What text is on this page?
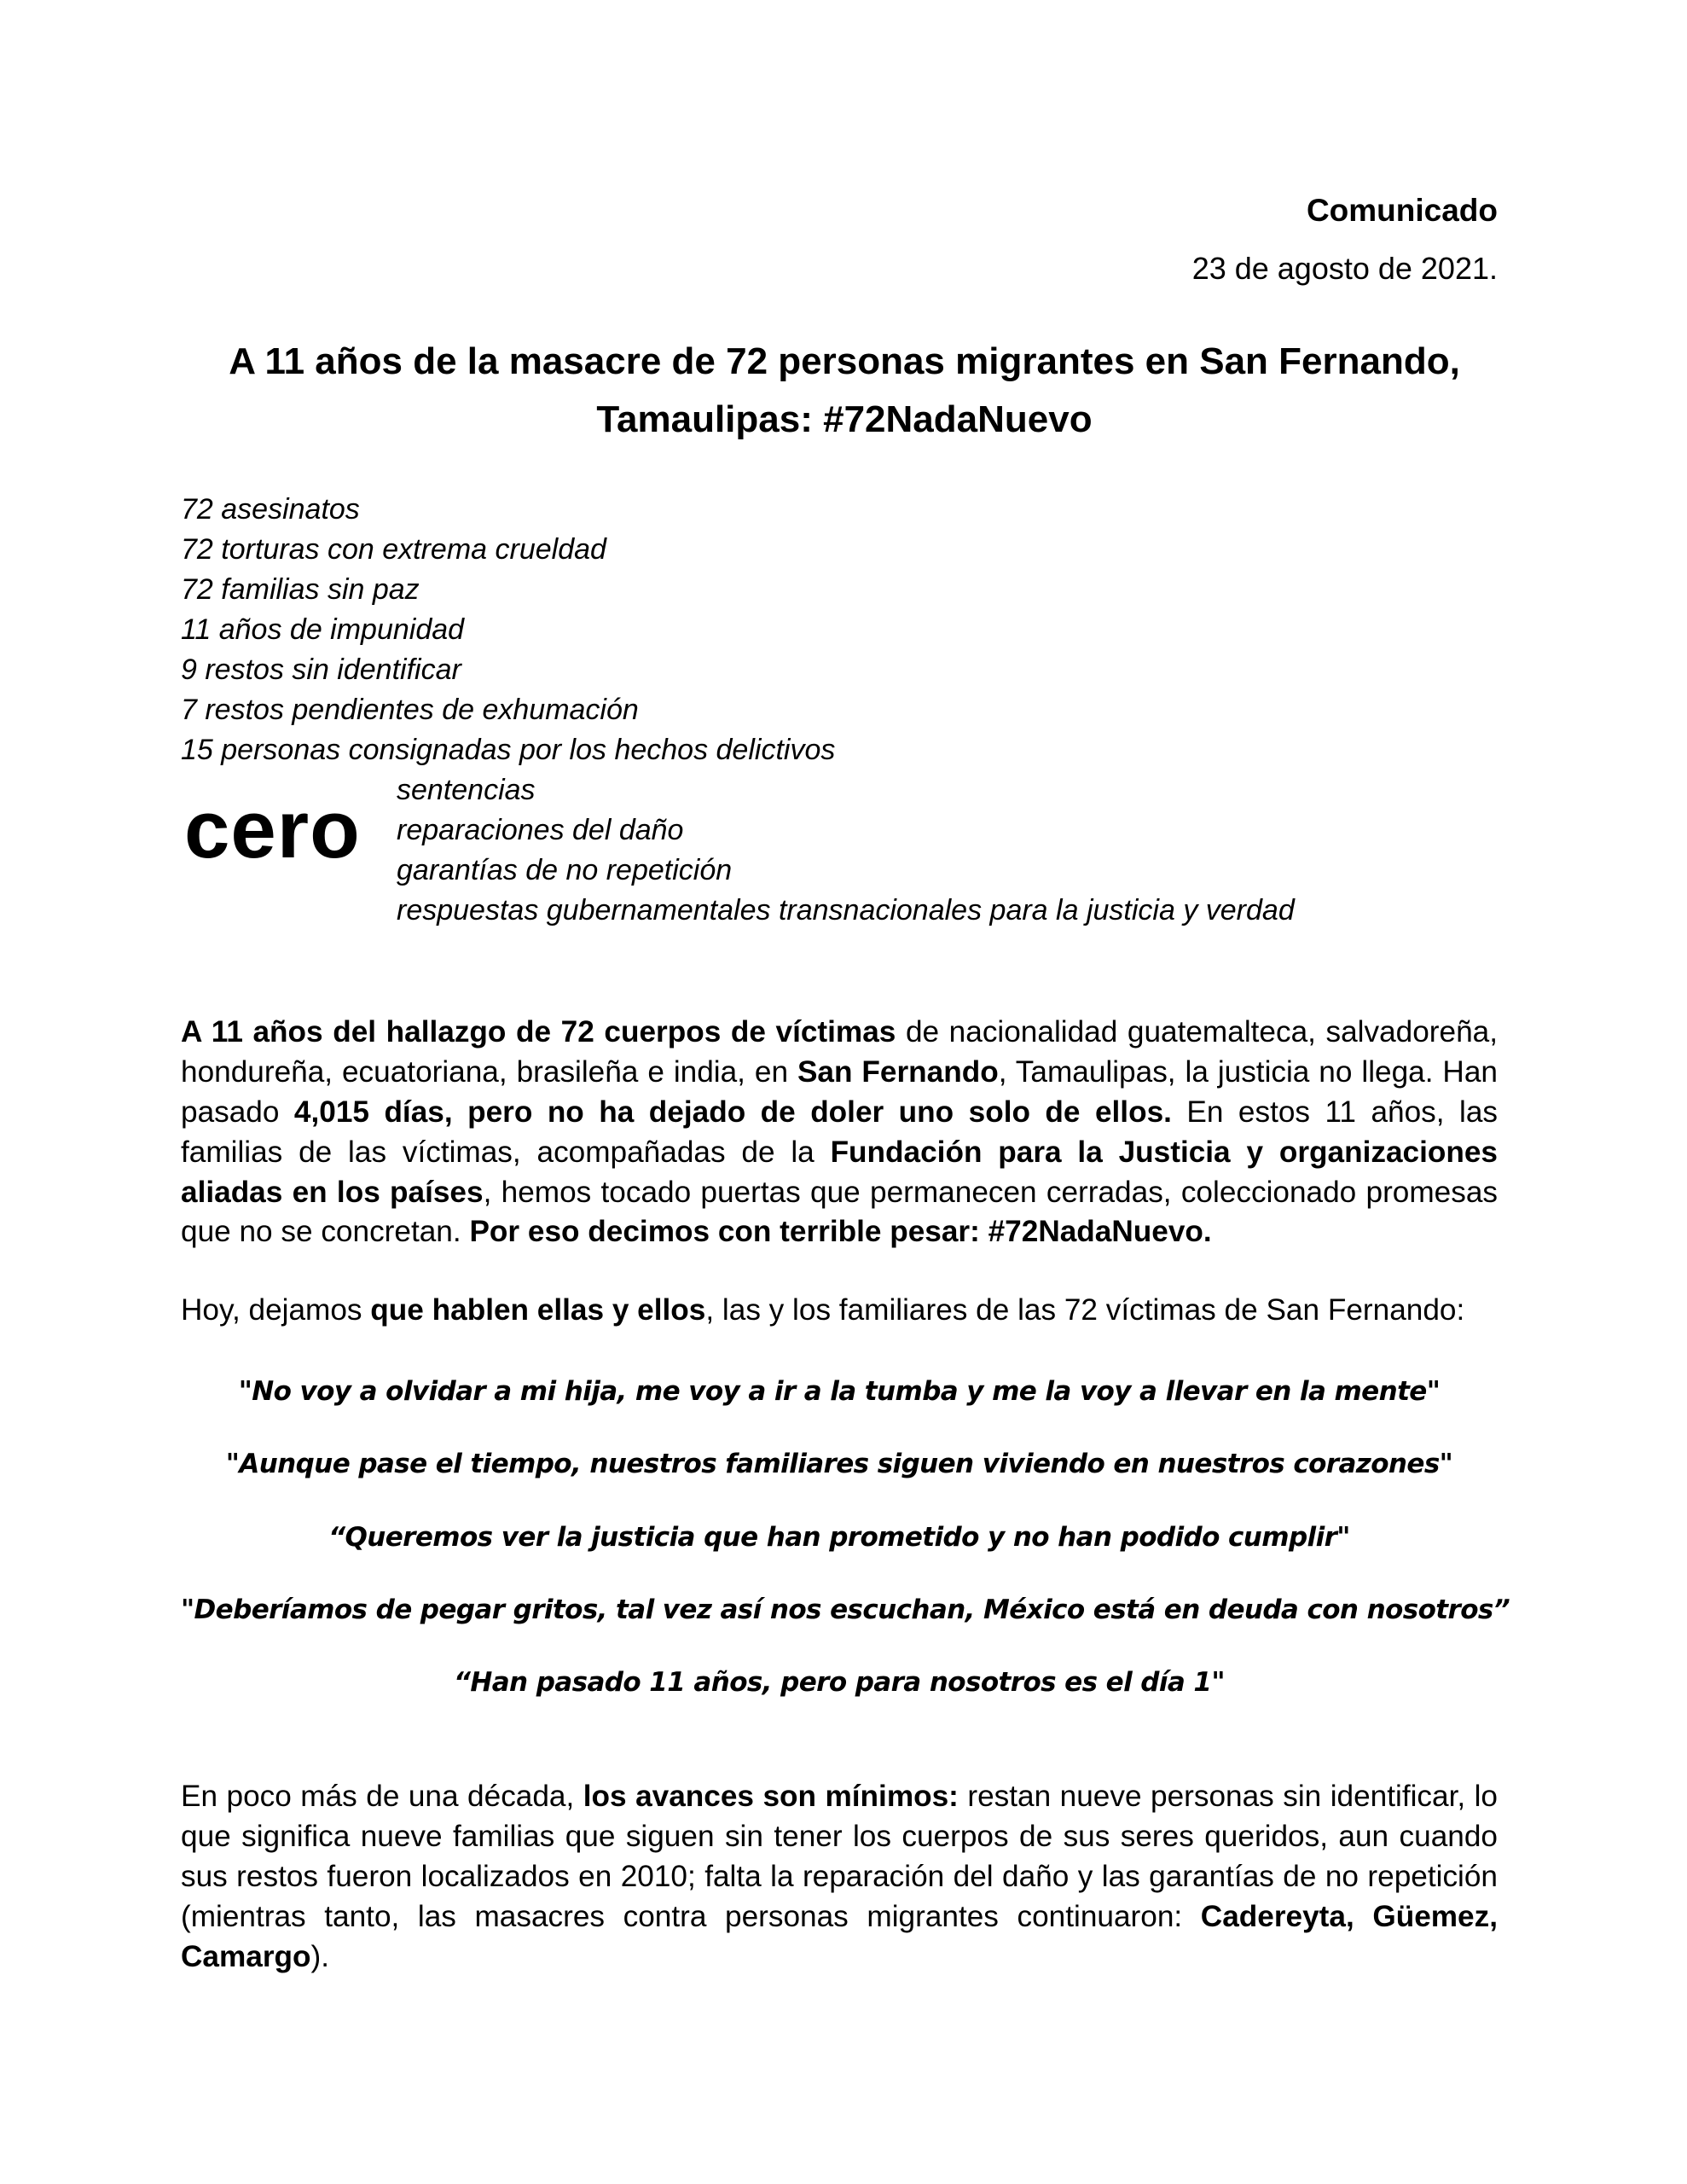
Comunicado
23 de agosto de 2021.
A 11 años de la masacre de 72 personas migrantes en San Fernando,
Tamaulipas: #72NadaNuevo
72 asesinatos
72 torturas con extrema crueldad
72 familias sin paz
11 años de impunidad
9 restos sin identificar
7 restos pendientes de exhumación
15 personas consignadas por los hechos delictivos
cero sentencias
reparaciones del daño
garantías de no repetición
respuestas gubernamentales transnacionales para la justicia y verdad
A 11 años del hallazgo de 72 cuerpos de víctimas de nacionalidad guatemalteca, salvadoreña,
hondureña, ecuatoriana, brasileña e india, en San Fernando, Tamaulipas, la justicia no llega. Han
pasado 4,015 días, pero no ha dejado de doler uno solo de ellos. En estos 11 años, las
familias de las víctimas, acompañadas de la Fundación para la Justicia y organizaciones
aliadas en los países, hemos tocado puertas que permanecen cerradas, coleccionado promesas
que no se concretan. Por eso decimos con terrible pesar: #72NadaNuevo.
Hoy, dejamos que hablen ellas y ellos, las y los familiares de las 72 víctimas de San Fernando:
"No voy a olvidar a mi hija, me voy a ir a la tumba y me la voy a llevar en la mente"
"Aunque pase el tiempo, nuestros familiares siguen viviendo en nuestros corazones"
“Queremos ver la justicia que han prometido y no han podido cumplir"
"Deberíamos de pegar gritos, tal vez así nos escuchan, México está en deuda con nosotros”
“Han pasado 11 años, pero para nosotros es el día 1"
En poco más de una década, los avances son mínimos: restan nueve personas sin identificar, lo
que significa nueve familias que siguen sin tener los cuerpos de sus seres queridos, aun cuando
sus restos fueron localizados en 2010; falta la reparación del daño y las garantías de no repetición
(mientras tanto, las masacres contra personas migrantes continuaron: Cadereyta, Güemez,
Camargo).
